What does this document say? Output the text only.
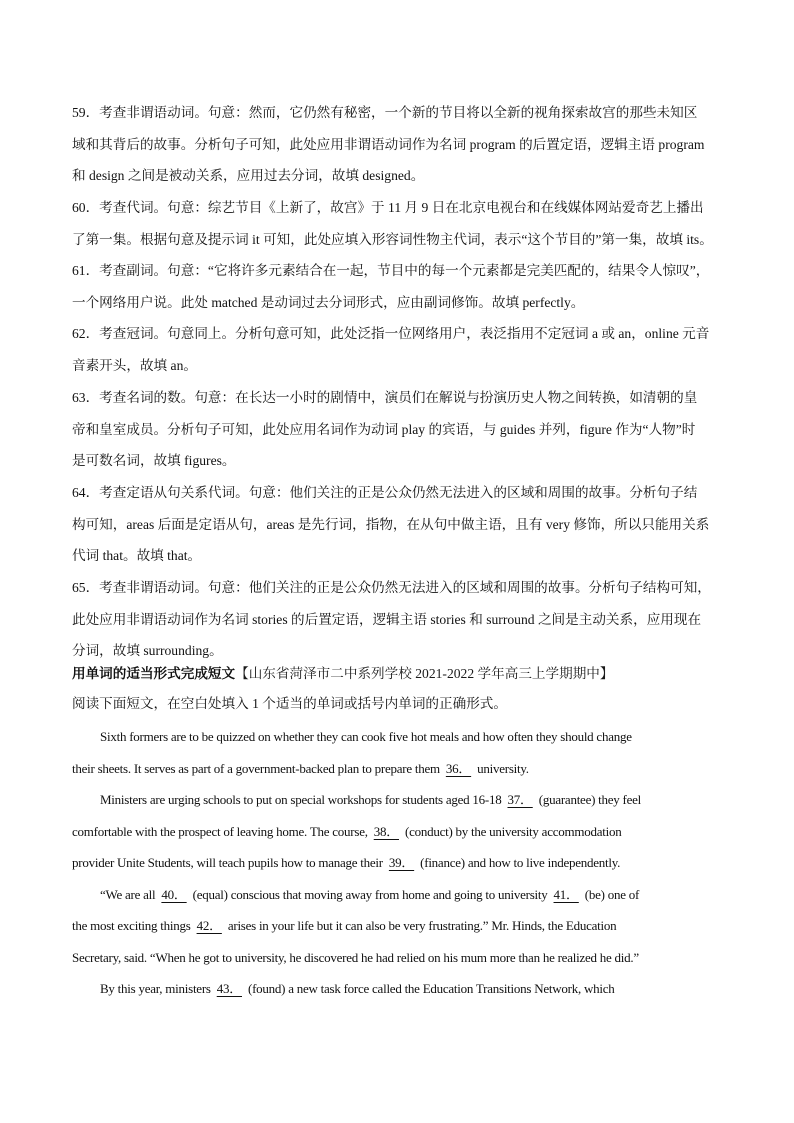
59．考查非谓语动词。句意：然而，它仍然有秘密，一个新的节目将以全新的视角探索故宫的那些未知区
域和其背后的故事。分析句子可知，此处应用非谓语动词作为名词 program 的后置定语，逻辑主语 program
和 design 之间是被动关系，应用过去分词，故填 designed。
60．考查代词。句意：综艺节目《上新了，故宫》于 11 月 9 日在北京电视台和在线媒体网站爱奇艺上播出
了第一集。根据句意及提示词 it 可知，此处应填入形容词性物主代词，表示“这个节目的”第一集，故填 its。
61．考查副词。句意：“它将许多元素结合在一起，节目中的每一个元素都是完美匹配的，结果令人惊叹”，
一个网络用户说。此处 matched 是动词过去分词形式，应由副词修饰。故填 perfectly。
62．考查冠词。句意同上。分析句意可知，此处泛指一位网络用户，表泛指用不定冠词 a 或 an，online 元音
音素开头，故填 an。
63．考查名词的数。句意：在长达一小时的剧情中，演员们在解说与扮演历史人物之间转换，如清朝的皇
帝和皇室成员。分析句子可知，此处应用名词作为动词 play 的宾语，与 guides 并列，figure 作为“人物”时
是可数名词，故填 figures。
64．考查定语从句关系代词。句意：他们关注的正是公众仍然无法进入的区域和周围的故事。分析句子结
构可知，areas 后面是定语从句，areas 是先行词，指物，在从句中做主语，且有 very 修饰，所以只能用关系
代词 that。故填 that。
65．考查非谓语动词。句意：他们关注的正是公众仍然无法进入的区域和周围的故事。分析句子结构可知，
此处应用非谓语动词作为名词 stories 的后置定语，逻辑主语 stories 和 surround 之间是主动关系，应用现在
分词，故填 surrounding。
用单词的适当形式完成短文【山东省菏泽市二中系列学校 2021-2022 学年高三上学期期中】
阅读下面短文，在空白处填入 1 个适当的单词或括号内单词的正确形式。
Sixth formers are to be quizzed on whether they can cook five hot meals and how often they should change
their sheets. It serves as part of a government-backed plan to prepare them 36． university.
Ministers are urging schools to put on special workshops for students aged 16-18 37． (guarantee) they feel
comfortable with the prospect of leaving home. The course, 38． (conduct) by the university accommodation
provider Unite Students, will teach pupils how to manage their 39． (finance) and how to live independently.
“We are all 40． (equal) conscious that moving away from home and going to university 41． (be) one of
the most exciting things 42． arises in your life but it can also be very frustrating.” Mr. Hinds, the Education
Secretary, said. “When he got to university, he discovered he had relied on his mum more than he realized he did.”
By this year, ministers 43． (found) a new task force called the Education Transitions Network, which
